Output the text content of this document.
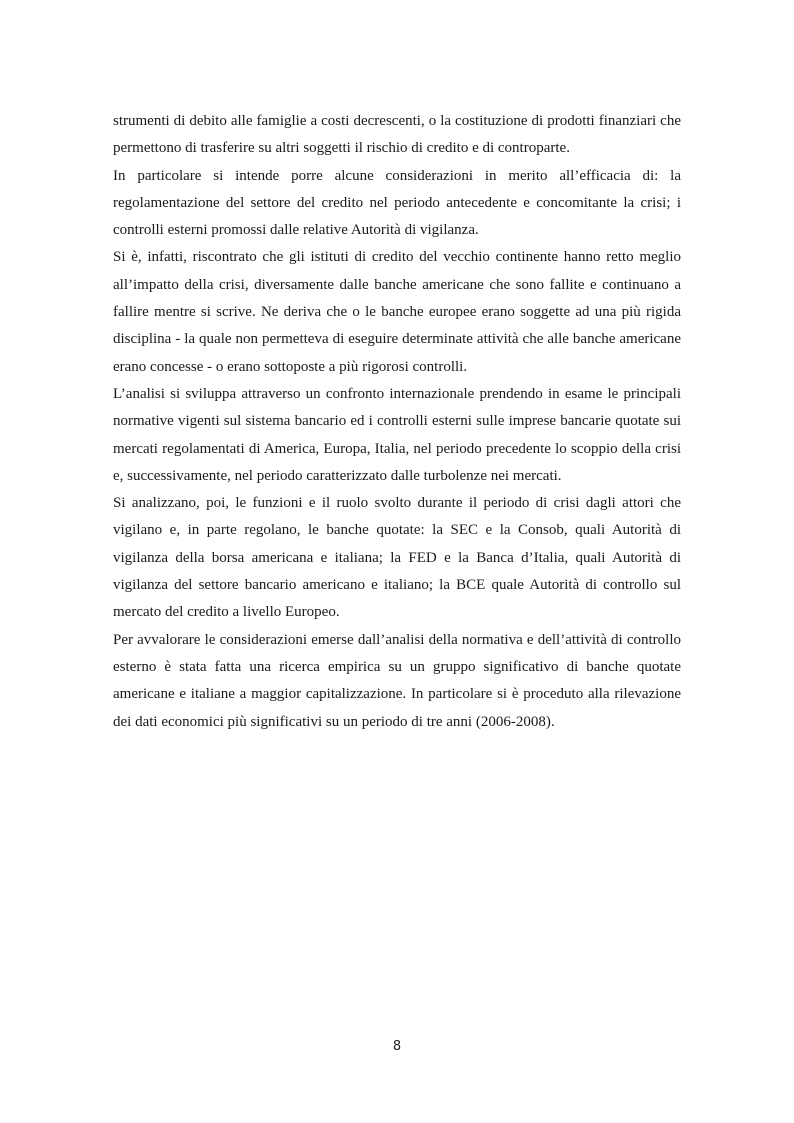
strumenti di debito alle famiglie a costi decrescenti, o la costituzione di prodotti finanziari che permettono di trasferire su altri soggetti il rischio di credito e di controparte.

In particolare si intende porre alcune considerazioni in merito all’efficacia di: la regolamentazione del settore del credito nel periodo antecedente e concomitante la crisi; i controlli esterni promossi dalle relative Autorità di vigilanza.

Si è, infatti, riscontrato che gli istituti di credito del vecchio continente hanno retto meglio all’impatto della crisi, diversamente dalle banche americane che sono fallite e continuano a fallire mentre si scrive. Ne deriva che o le banche europee erano soggette ad una più rigida disciplina - la quale non permetteva di eseguire determinate attività che alle banche americane erano concesse - o erano sottoposte a più rigorosi controlli.

L’analisi si sviluppa attraverso un confronto internazionale prendendo in esame le principali normative vigenti sul sistema bancario ed i controlli esterni sulle imprese bancarie quotate sui mercati regolamentati di America, Europa, Italia, nel periodo precedente lo scoppio della crisi e, successivamente, nel periodo caratterizzato dalle turbolenze nei mercati.

Si analizzano, poi, le funzioni e il ruolo svolto durante il periodo di crisi dagli attori che vigilano e, in parte regolano, le banche quotate: la SEC e la Consob, quali Autorità di vigilanza della borsa americana e italiana; la FED e la Banca d’Italia, quali Autorità di vigilanza del settore bancario americano e italiano; la BCE quale Autorità di controllo sul mercato del credito a livello Europeo.

Per avvalorare le considerazioni emerse dall’analisi della normativa e dell’attività di controllo esterno è stata fatta una ricerca empirica su un gruppo significativo di banche quotate americane e italiane a maggior capitalizzazione. In particolare si è proceduto alla rilevazione dei dati economici più significativi su un periodo di tre anni (2006-2008).

8
